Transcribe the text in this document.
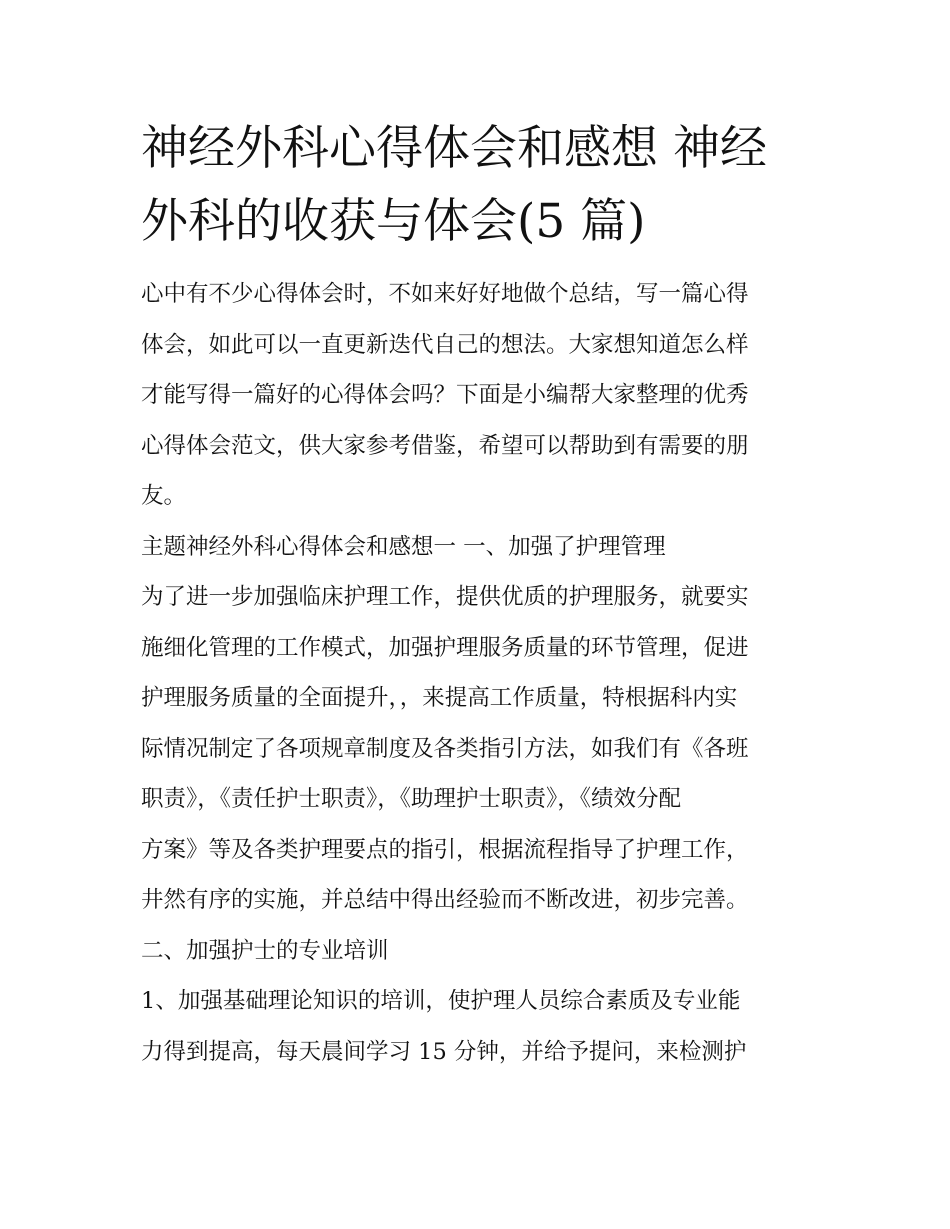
神经外科心得体会和感想 神经
外科的收获与体会(5 篇)

心中有不少心得体会时，不如来好好地做个总结，写一篇心得
体会，如此可以一直更新迭代自己的想法。大家想知道怎么样
才能写得一篇好的心得体会吗？下面是小编帮大家整理的优秀
心得体会范文，供大家参考借鉴，希望可以帮助到有需要的朋
友。

主题神经外科心得体会和感想一 一、加强了护理管理

为了进一步加强临床护理工作，提供优质的护理服务，就要实
施细化管理的工作模式，加强护理服务质量的环节管理，促进
护理服务质量的全面提升，，来提高工作质量，特根据科内实
际情况制定了各项规章制度及各类指引方法，如我们有《各班
职责》，《责任护士职责》，《助理护士职责》，《绩效分配
方案》等及各类护理要点的指引，根据流程指导了护理工作，
井然有序的实施，并总结中得出经验而不断改进，初步完善。

二、加强护士的专业培训

1、加强基础理论知识的培训，使护理人员综合素质及专业能
力得到提高，每天晨间学习 15 分钟，并给予提问，来检测护
